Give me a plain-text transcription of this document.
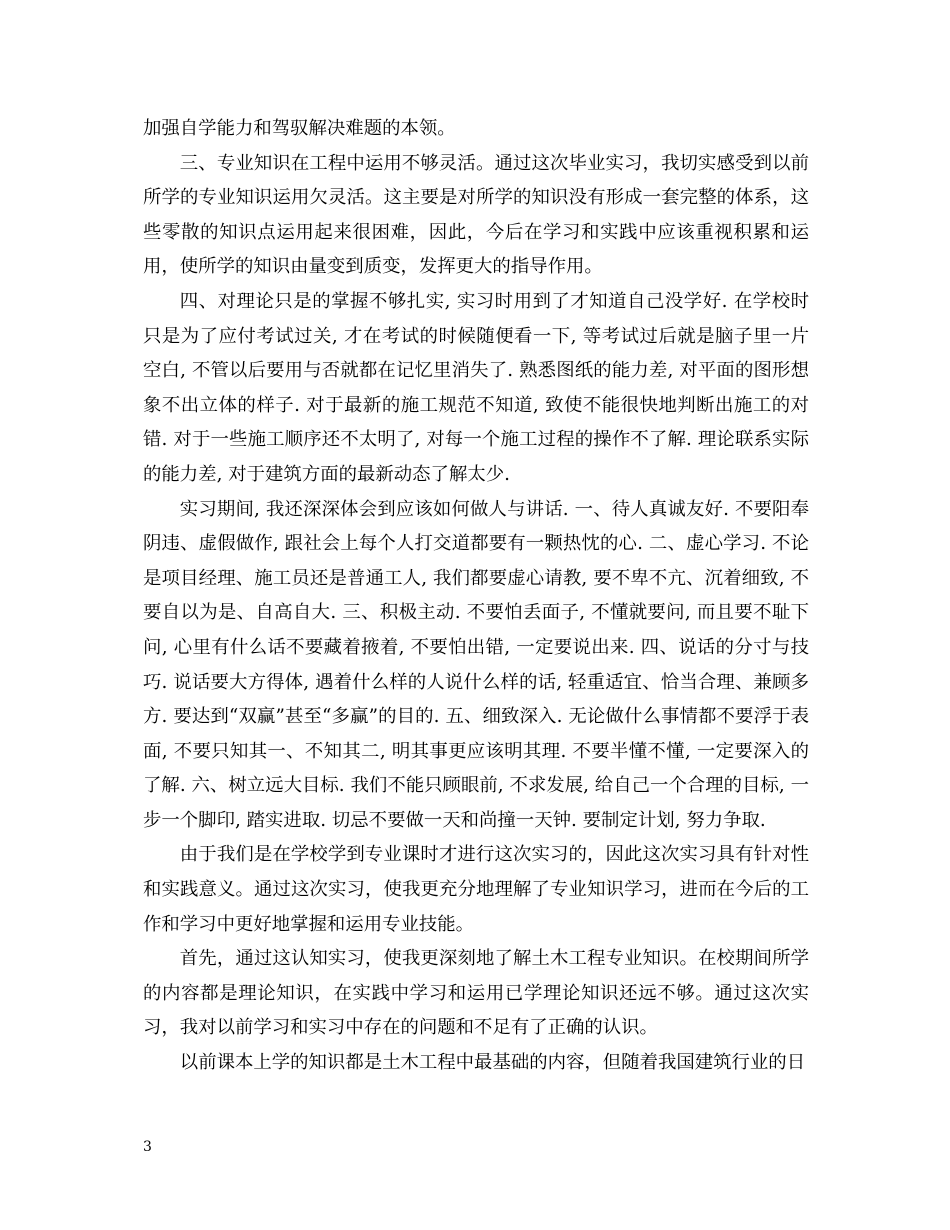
加强自学能力和驾驭解决难题的本领。

三、专业知识在工程中运用不够灵活。通过这次毕业实习，我切实感受到以前所学的专业知识运用欠灵活。这主要是对所学的知识没有形成一套完整的体系，这些零散的知识点运用起来很困难，因此，今后在学习和实践中应该重视积累和运用，使所学的知识由量变到质变，发挥更大的指导作用。

四、对理论只是的掌握不够扎实, 实习时用到了才知道自己没学好. 在学校时只是为了应付考试过关, 才在考试的时候随便看一下, 等考试过后就是脑子里一片空白, 不管以后要用与否就都在记忆里消失了. 熟悉图纸的能力差, 对平面的图形想象不出立体的样子. 对于最新的施工规范不知道, 致使不能很快地判断出施工的对错. 对于一些施工顺序还不太明了, 对每一个施工过程的操作不了解. 理论联系实际的能力差, 对于建筑方面的最新动态了解太少.

实习期间, 我还深深体会到应该如何做人与讲话. 一、待人真诚友好. 不要阳奉阴违、虚假做作, 跟社会上每个人打交道都要有一颗热忱的心. 二、虚心学习. 不论是项目经理、施工员还是普通工人, 我们都要虚心请教, 要不卑不亢、沉着细致, 不要自以为是、自高自大. 三、积极主动. 不要怕丢面子, 不懂就要问, 而且要不耻下问, 心里有什么话不要藏着掖着, 不要怕出错, 一定要说出来. 四、说话的分寸与技巧. 说话要大方得体, 遇着什么样的人说什么样的话, 轻重适宜、恰当合理、兼顾多方. 要达到“双赢”甚至“多赢”的目的. 五、细致深入. 无论做什么事情都不要浮于表面, 不要只知其一、不知其二, 明其事更应该明其理. 不要半懂不懂, 一定要深入的了解. 六、树立远大目标. 我们不能只顾眼前, 不求发展, 给自己一个合理的目标, 一步一个脚印, 踏实进取. 切忌不要做一天和尚撞一天钟. 要制定计划, 努力争取.

由于我们是在学校学到专业课时才进行这次实习的，因此这次实习具有针对性和实践意义。通过这次实习，使我更充分地理解了专业知识学习，进而在今后的工作和学习中更好地掌握和运用专业技能。

首先，通过这认知实习，使我更深刻地了解土木工程专业知识。在校期间所学的内容都是理论知识，在实践中学习和运用已学理论知识还远不够。通过这次实习，我对以前学习和实习中存在的问题和不足有了正确的认识。

以前课本上学的知识都是土木工程中最基础的内容，但随着我国建筑行业的日

3
